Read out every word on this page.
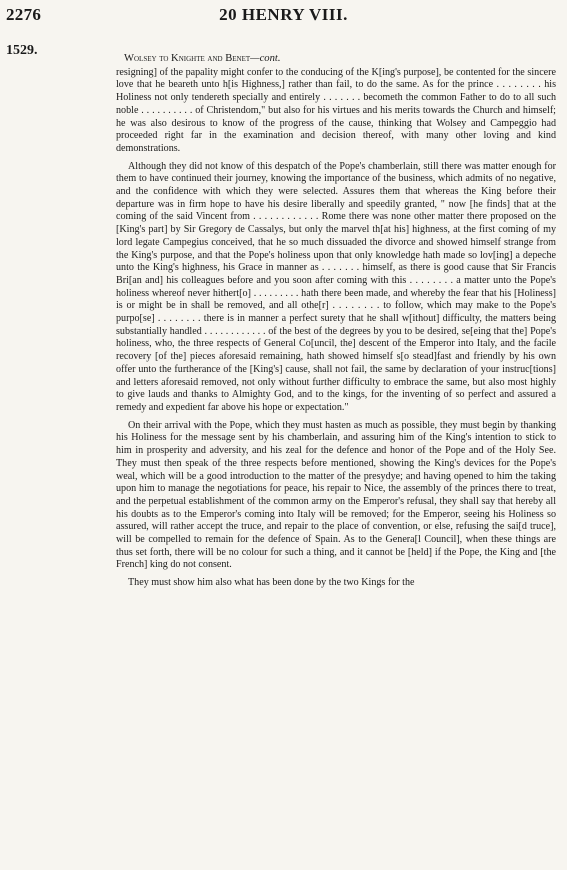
2276	20 HENRY VIII.
1529.
Wolsey to Knighte and Benet—cont.

resigning] of the papality might confer to the conducing of the K[ing's purpose], be contented for the sincere love that he beareth unto h[is Highness,] rather than fail, to do the same. As for the prince . . . . . . . . his Holiness not only tendereth specially and entirely . . . . . . . becometh the common Father to do to all such noble . . . . . . . . . . of Christendom," but also for his virtues and his merits towards the Church and himself; he was also desirous to know of the progress of the cause, thinking that Wolsey and Campeggio had proceeded right far in the examination and decision thereof, with many other loving and kind demonstrations.

Although they did not know of this despatch of the Pope's chamberlain, still there was matter enough for them to have continued their journey, knowing the importance of the business, which admits of no negative, and the confidence with which they were selected. Assures them that whereas the King before their departure was in firm hope to have his desire liberally and speedily granted, " now [he finds] that at the coming of the said Vincent from . . . . . . . . . . . . Rome there was none other matter there proposed on the [King's part] by Sir Gregory de Cassalys, but only the marvel th[at his] highness, at the first coming of my lord legate Campegius conceived, that he so much dissuaded the divorce and showed himself strange from the King's purpose, and that the Pope's holiness upon that only knowledge hath made so lov[ing] a depeche unto the King's highness, his Grace in manner as . . . . . . . himself, as there is good cause that Sir Francis Bri[an and] his colleagues before and you soon after coming with this . . . . . . . . a matter unto the Pope's holiness whereof never hithert[o] . . . . . . . . . hath there been made, and whereby the fear that his [Holiness] is or might be in shall be removed, and all othe[r] . . . . . . . . to follow, which may make to the Pope's purpo[se] . . . . . . . . there is in manner a perfect surety that he shall w[ithout] difficulty, the matters being substantially handled . . . . . . . . . . . . of the best of the degrees by you to be desired, se[eing that the] Pope's holiness, who, the three respects of General Co[uncil, the] descent of the Emperor into Italy, and the facile recovery [of the] pieces aforesaid remaining, hath showed himself s[o stead]fast and friendly by his own offer unto the furtherance of the [King's] cause, shall not fail, the same by declaration of your instruc[tions] and letters aforesaid removed, not only without further difficulty to embrace the same, but also most highly to give lauds and thanks to Almighty God, and to the kings, for the inventing of so perfect and assured a remedy and expedient far above his hope or expectation."

On their arrival with the Pope, which they must hasten as much as possible, they must begin by thanking his Holiness for the message sent by his chamberlain, and assuring him of the King's intention to stick to him in prosperity and adversity, and his zeal for the defence and honor of the Pope and of the Holy See. They must then speak of the three respects before mentioned, showing the King's devices for the Pope's weal, which will be a good introduction to the matter of the presydye; and having opened to him the taking upon him to manage the negotiations for peace, his repair to Nice, the assembly of the princes there to treat, and the perpetual establishment of the common army on the Emperor's refusal, they shall say that hereby all his doubts as to the Emperor's coming into Italy will be removed; for the Emperor, seeing his Holiness so assured, will rather accept the truce, and repair to the place of convention, or else, refusing the sai[d truce], will be compelled to remain for the defence of Spain. As to the Genera[l Council], when these things are thus set forth, there will be no colour for such a thing, and it cannot be [held] if the Pope, the King and [the French] king do not consent.

They must show him also what has been done by the two Kings for the
